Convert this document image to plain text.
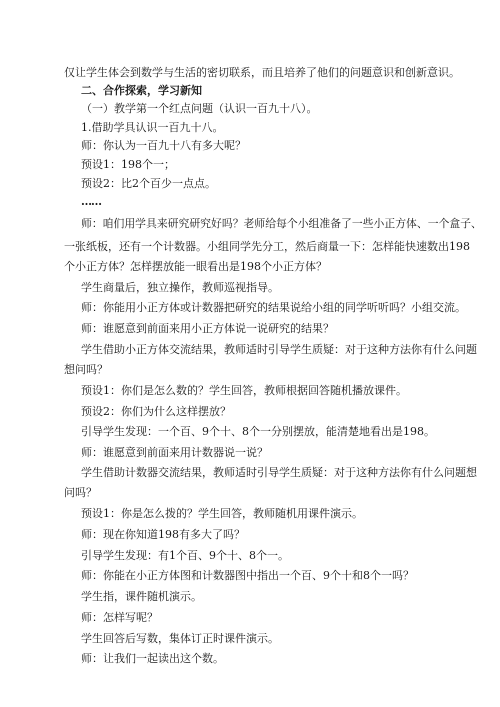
仅让学生体会到数学与生活的密切联系，而且培养了他们的问题意识和创新意识。
二、合作探索，学习新知
（一）教学第一个红点问题（认识一百九十八）。
1.借助学具认识一百九十八。
师：你认为一百九十八有多大呢？
预设1：198个一；
预设2：比2个百少一点点。
……
师：咱们用学具来研究研究好吗？老师给每个小组准备了一些小正方体、一个盒子、
一张纸板，还有一个计数器。小组同学先分工，然后商量一下：怎样能快速数出198
个小正方体？怎样摆放能一眼看出是198个小正方体？
学生商量后，独立操作，教师巡视指导。
师：你能用小正方体或计数器把研究的结果说给小组的同学听听吗？小组交流。
师：谁愿意到前面来用小正方体说一说研究的结果？
学生借助小正方体交流结果，教师适时引导学生质疑：对于这种方法你有什么问题
想问吗？
预设1：你们是怎么数的？学生回答，教师根据回答随机播放课件。
预设2：你们为什么这样摆放？
引导学生发现：一个百、9个十、8个一分别摆放，能清楚地看出是198。
师：谁愿意到前面来用计数器说一说？
学生借助计数器交流结果，教师适时引导学生质疑：对于这种方法你有什么问题想
问吗？
预设1：你是怎么拨的？学生回答，教师随机用课件演示。
师：现在你知道198有多大了吗？
引导学生发现：有1个百、9个十、8个一。
师：你能在小正方体图和计数器图中指出一个百、9个十和8个一吗？
学生指，课件随机演示。
师：怎样写呢？
学生回答后写数，集体订正时课件演示。
师：让我们一起读出这个数。
